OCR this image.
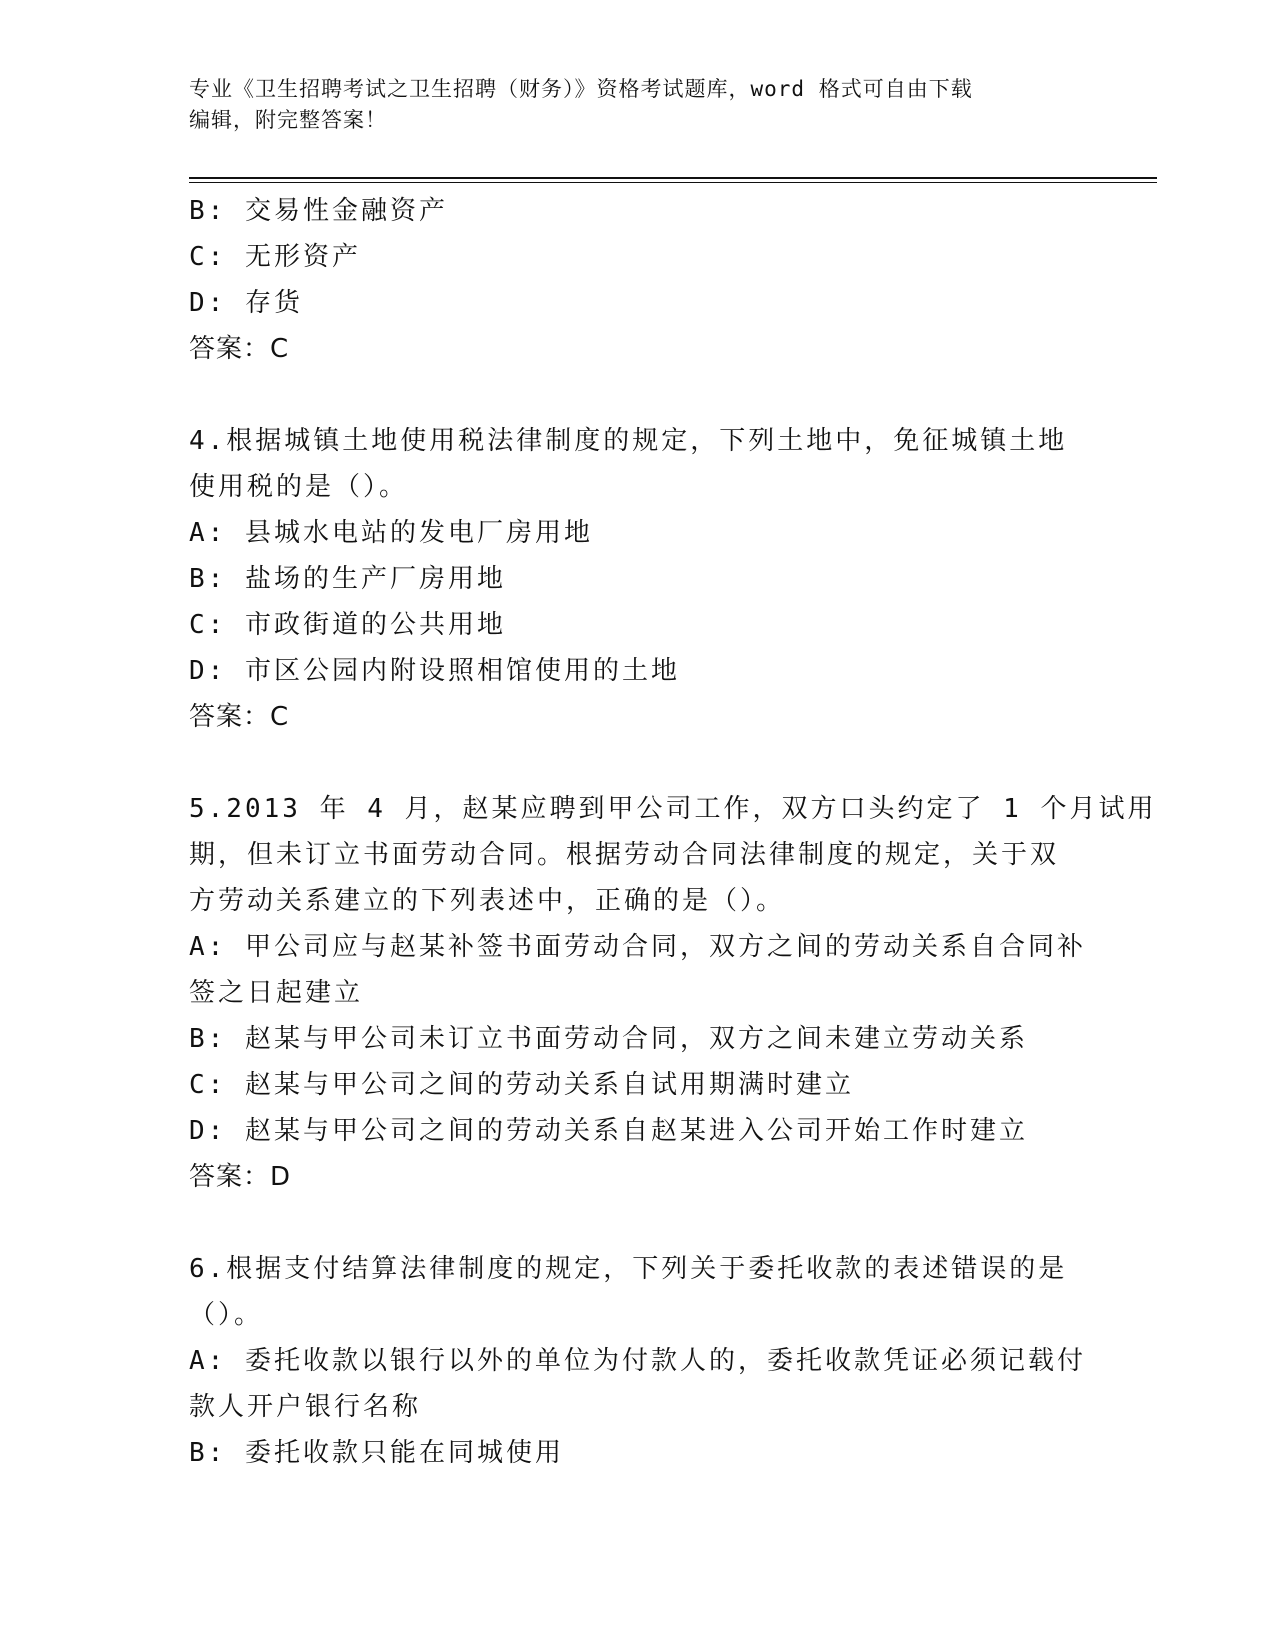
专业《卫生招聘考试之卫生招聘（财务）》资格考试题库，word 格式可自由下载
编辑，附完整答案！
B: 交易性金融资产
C: 无形资产
D: 存货
答案：C
4.根据城镇土地使用税法律制度的规定，下列土地中，免征城镇土地
使用税的是（）。
A: 县城水电站的发电厂房用地
B: 盐场的生产厂房用地
C: 市政街道的公共用地
D: 市区公园内附设照相馆使用的土地
答案：C
5.2013 年 4 月，赵某应聘到甲公司工作，双方口头约定了 1 个月试用
期，但未订立书面劳动合同。根据劳动合同法律制度的规定，关于双
方劳动关系建立的下列表述中，正确的是（）。
A: 甲公司应与赵某补签书面劳动合同，双方之间的劳动关系自合同补
签之日起建立
B: 赵某与甲公司未订立书面劳动合同，双方之间未建立劳动关系
C: 赵某与甲公司之间的劳动关系自试用期满时建立
D: 赵某与甲公司之间的劳动关系自赵某进入公司开始工作时建立
答案：D
6.根据支付结算法律制度的规定，下列关于委托收款的表述错误的是
（）。
A: 委托收款以银行以外的单位为付款人的，委托收款凭证必须记载付
款人开户银行名称
B: 委托收款只能在同城使用
